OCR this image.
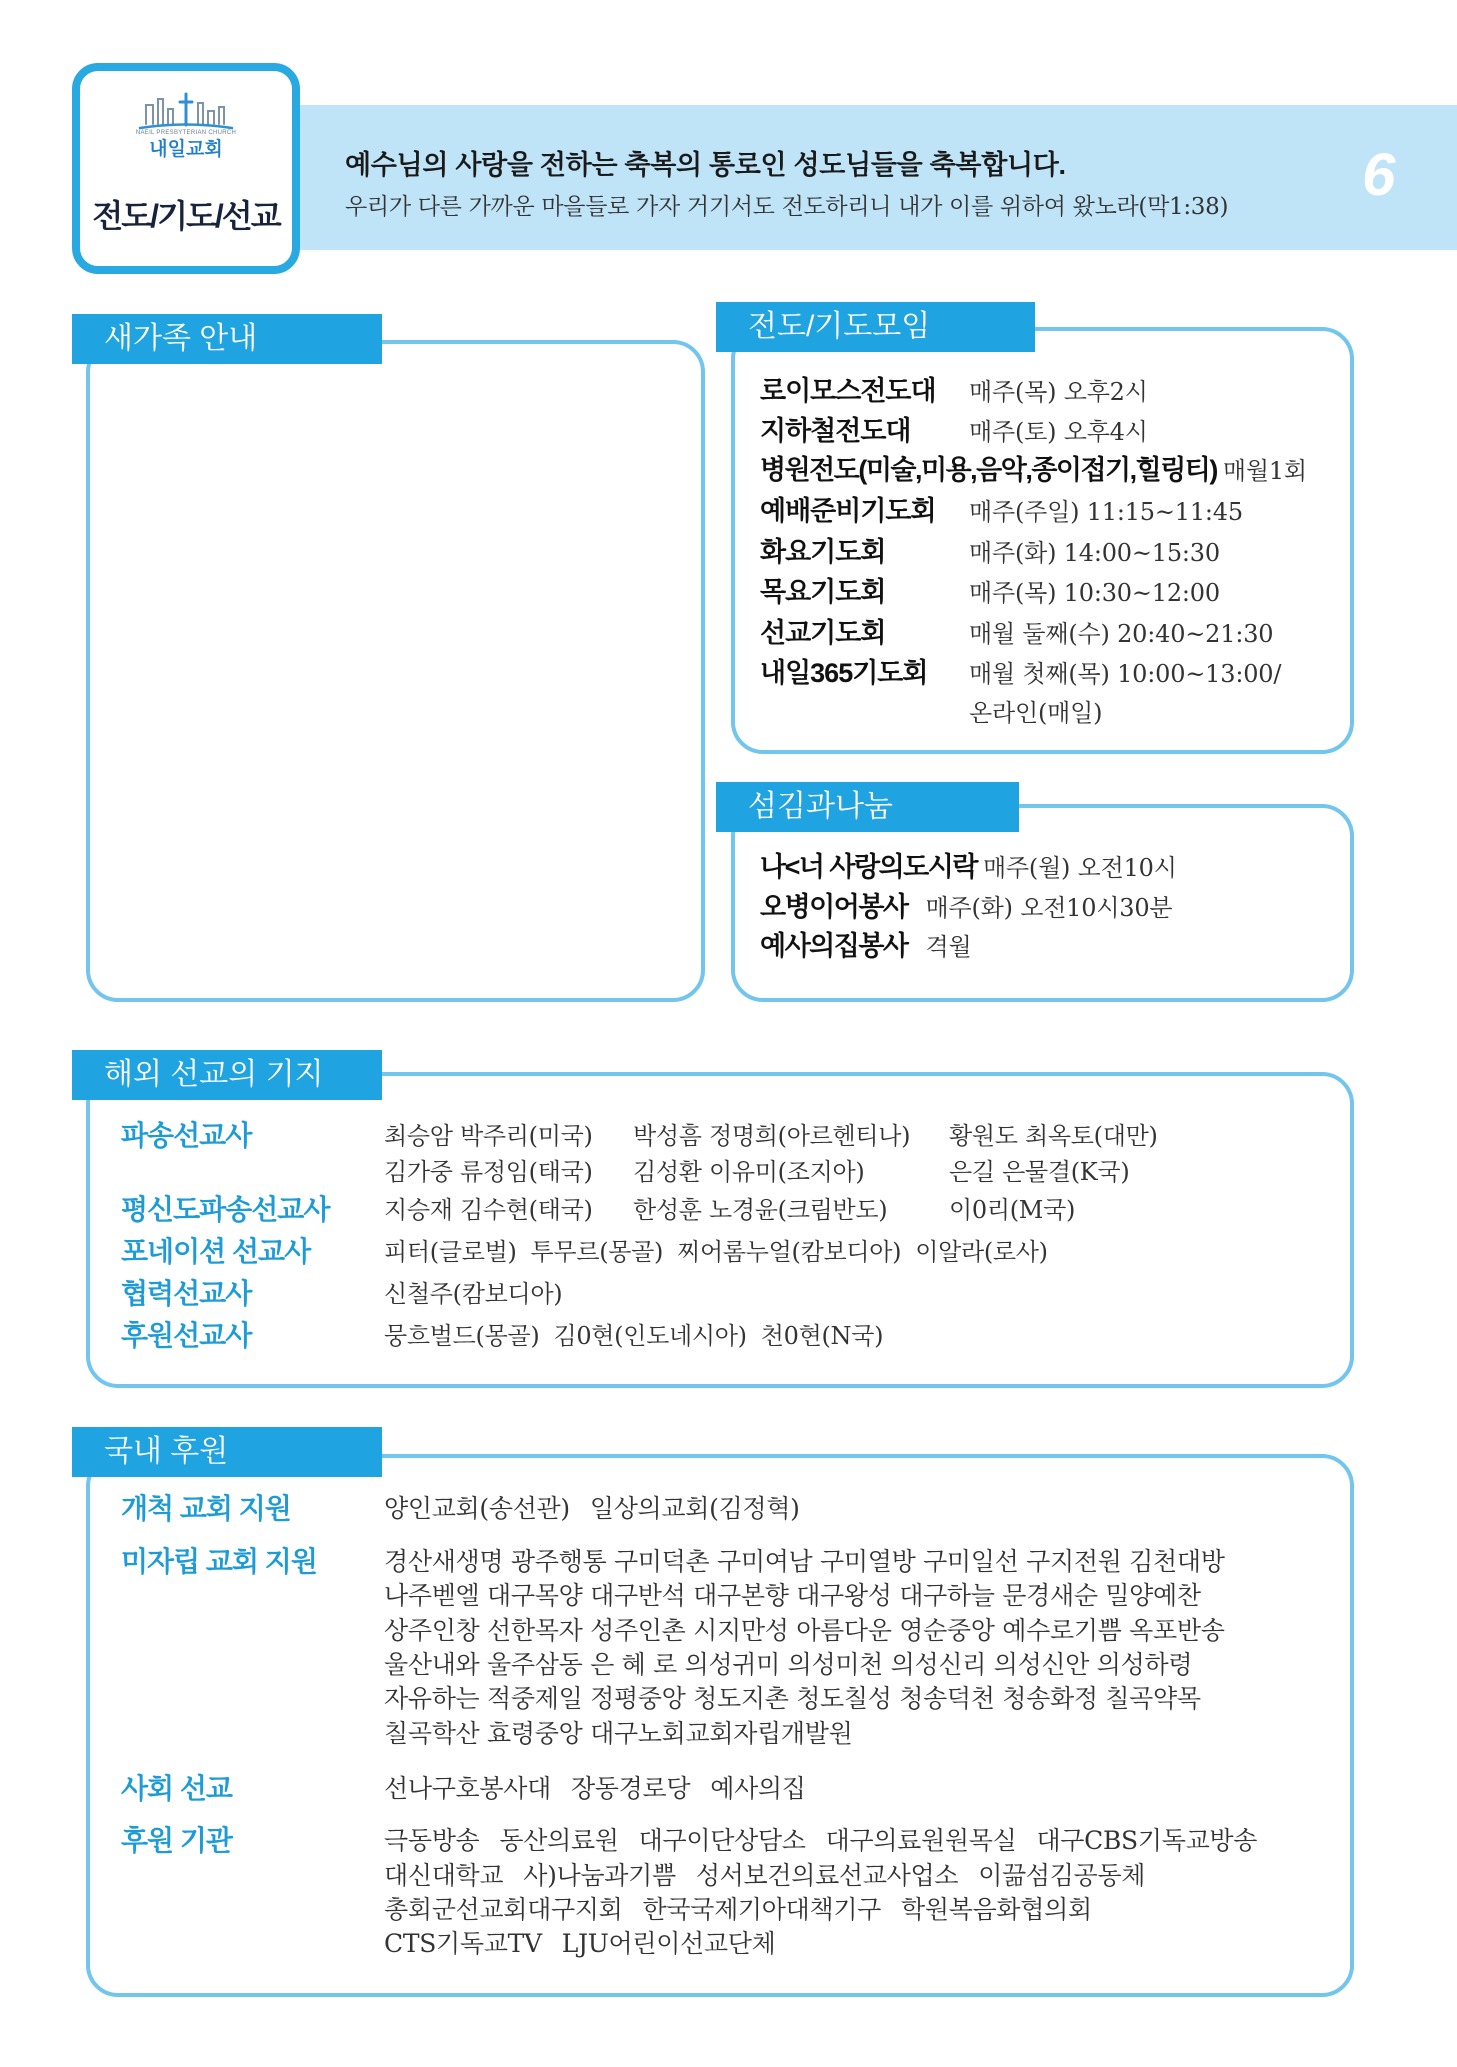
NAEIL PRESBYTERIAN CHURCH
내일교회
전도/기도/선교
예수님의 사랑을 전하는 축복의 통로인 성도님들을 축복합니다.
우리가 다른 가까운 마을들로 가자 거기서도 전도하리니 내가 이를 위하여 왔노라(막1:38) 6
새가족 안내	전도/기도모임
로이모스전도대 매주(목) 오후2시
지하철전도대 매주(토) 오후4시
병원전도(미술,미용,음악,종이접기,힐링티) 매월1회
예배준비기도회 매주(주일) 11:15~11:45
화요기도회	매주(화) 14:00~15:30
목요기도회	매주(목) 10:30~12:00
선교기도회	매월 둘째(수) 20:40~21:30
내일365기도회 매월 첫째(목) 10:00~13:00/
온라인(매일)
섬김과나눔
나<너 사랑의도시락 매주(월) 오전10시
오병이어봉사 매주(화) 오전10시30분
예사의집봉사 격월
해외 선교의 기지
파송선교사	최승암 박주리(미국) 박성흠 정명희(아르헨티나) 황원도 최옥토(대만)
김가중 류정임(태국) 김성환 이유미(조지아)	은길 은물결(K국)
평신도파송선교사 지승재 김수현(태국) 한성훈 노경윤(크림반도)	이0리(M국)
포네이션 선교사	피터(글로벌) 투무르(몽골) 찌어롬누얼(캄보디아) 이알라(로사)
협력선교사	신철주(캄보디아)
후원선교사	뭉흐벌드(몽골) 김0현(인도네시아) 천0현(N국)
국내 후원
개척 교회 지원	양인교회(송선관) 일상의교회(김정혁)
미자립 교회 지원	경산새생명 광주행통 구미덕촌 구미여남 구미열방 구미일선 구지전원 김천대방
나주벧엘 대구목양 대구반석 대구본향 대구왕성 대구하늘 문경새순 밀양예찬
상주인창 선한목자 성주인촌 시지만성 아름다운 영순중앙 예수로기쁨 옥포반송
울산내와 울주삼동 은 혜 로 의성귀미 의성미천 의성신리 의성신안 의성하령
자유하는 적중제일 정평중앙 청도지촌 청도칠성 청송덕천 청송화정 칠곡약목
칠곡학산 효령중앙 대구노회교회자립개발원
사회 선교	선나구호봉사대 장동경로당 예사의집
후원 기관	극동방송 동산의료원 대구이단상담소 대구의료원원목실 대구CBS기독교방송
대신대학교 사)나눔과기쁨 성서보건의료선교사업소 이끎섬김공동체
총회군선교회대구지회 한국국제기아대책기구 학원복음화협의회
CTS기독교TV LJU어린이선교단체
